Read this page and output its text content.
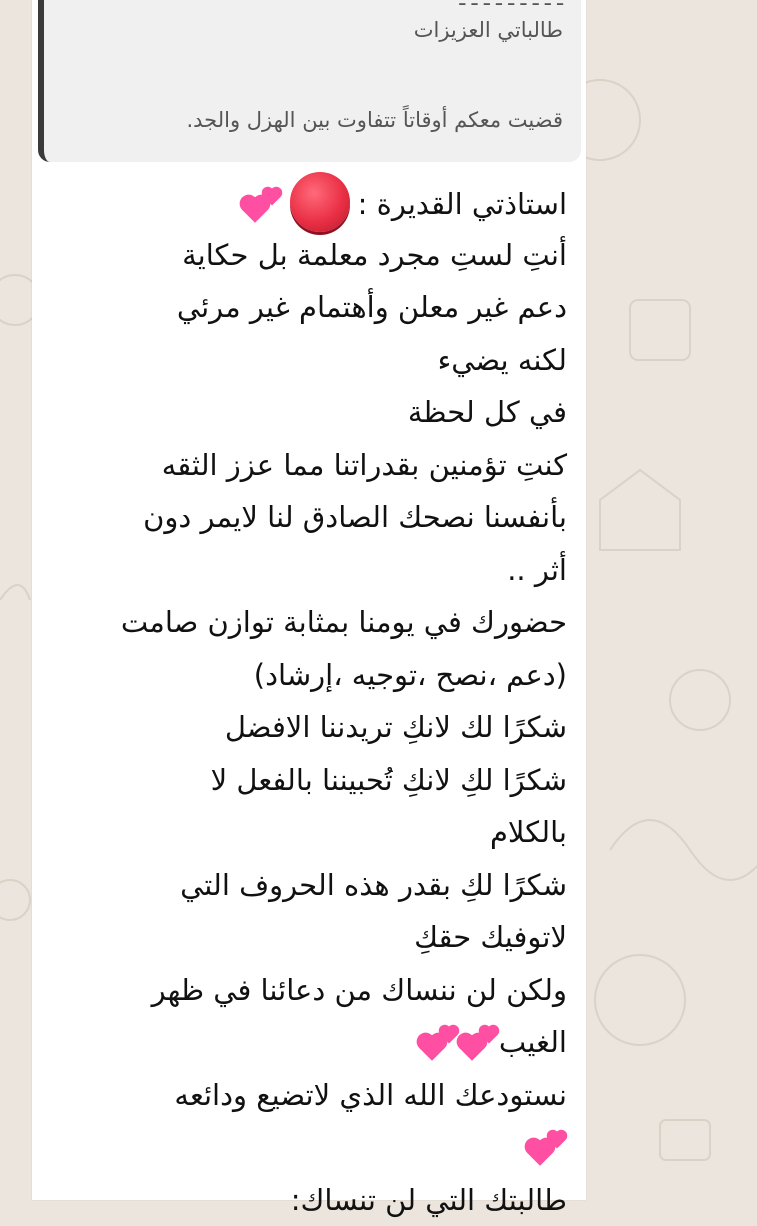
طالباتي العزيزات
قضيت معكم أوقاتاً تتفاوت بين الهزل والجد.
استاذتي القديرة :
أنتِ لستِ مجرد معلمة بل حكاية
دعم غير معلن وأهتمام غير مرئي
لكنه يضيء
في كل لحظة
كنتِ تؤمنين بقدراتنا مما عزز الثقه
بأنفسنا نصحك الصادق لنا لايمر دون
أثر ..
حضورك في يومنا بمثابة توازن صامت
(دعم ،نصح ،توجيه ،إرشاد)
شكرًا لك لانكِ تريدننا الافضل
شكرًا لكِ لانكِ تُحبيننا بالفعل لا
بالكلام
شكرًا لكِ بقدر هذه الحروف التي
لاتوفيك حقكِ
ولكن لن ننساك من دعائنا في ظهر
الغيب
نستودعك الله الذي لاتضيع ودائعه
طالبتك التي لن تنساك:
